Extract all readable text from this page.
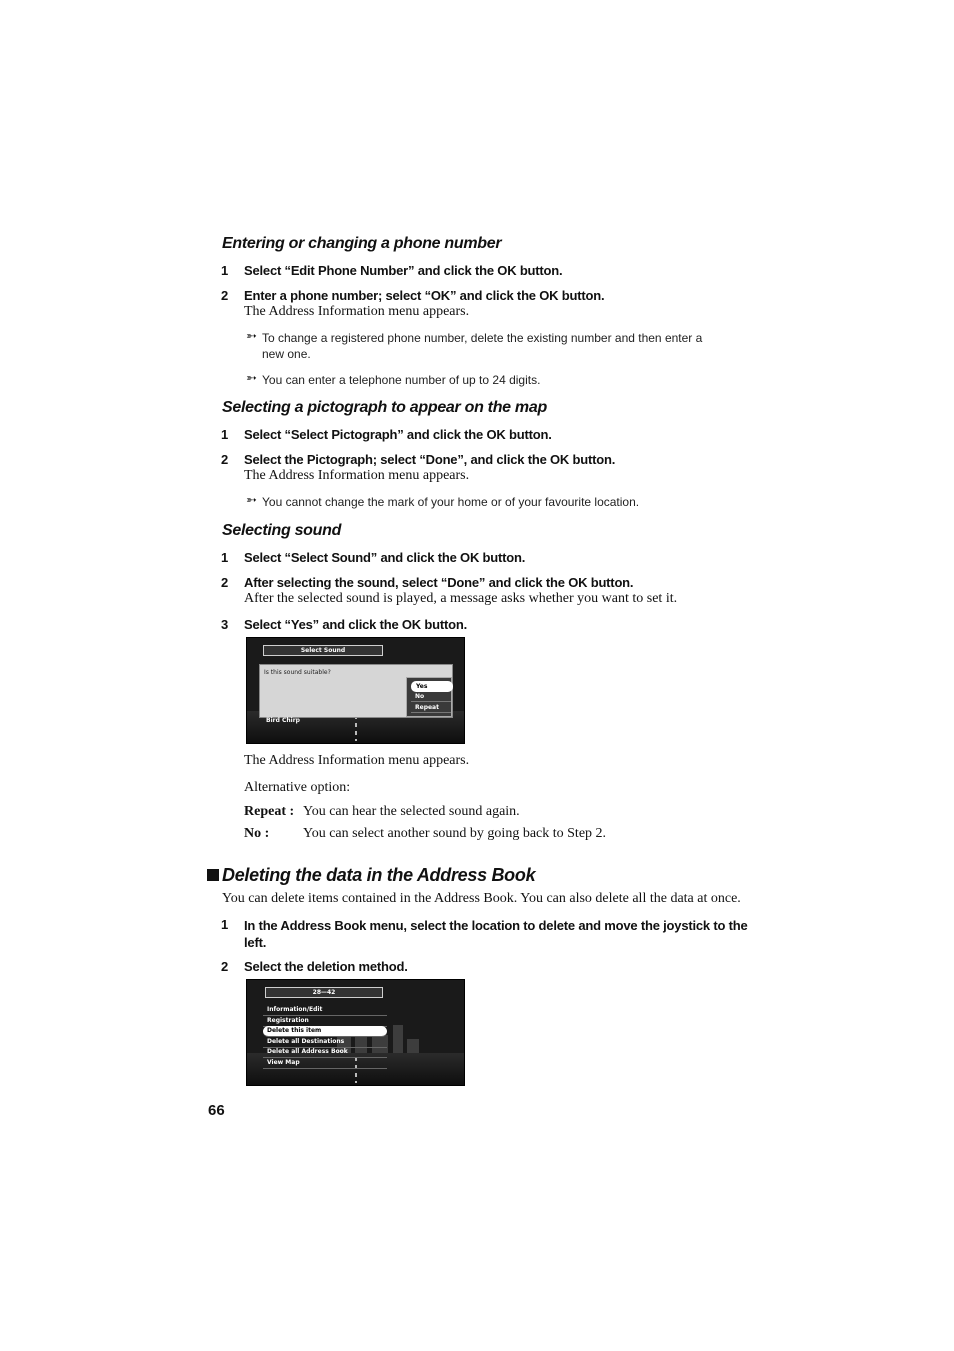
Entering or changing a phone number
1 Select “Edit Phone Number” and click the OK button.
2 Enter a phone number; select “OK” and click the OK button.
The Address Information menu appears.
➳ To change a registered phone number, delete the existing number and then enter a
new one.
➳ You can enter a telephone number of up to 24 digits.
Selecting a pictograph to appear on the map
1 Select “Select Pictograph” and click the OK button.
2 Select the Pictograph; select “Done”, and click the OK button.
The Address Information menu appears.
➳ You cannot change the mark of your home or of your favourite location.
Selecting sound
1 Select “Select Sound” and click the OK button.
2 After selecting the sound, select “Done” and click the OK button.
After the selected sound is played, a message asks whether you want to set it.
3 Select “Yes” and click the OK button.
Select Sound
Is this sound suitable?
Yes
No
Repeat
Bird Chirp
The Address Information menu appears.
Alternative option:
Repeat : You can hear the selected sound again.
No : You can select another sound by going back to Step 2.
Deleting the data in the Address Book
You can delete items contained in the Address Book. You can also delete all the data at once.
1 In the Address Book menu, select the location to delete and move the joystick to the left.
2 Select the deletion method.
28—42
Information/Edit
Registration
Delete this item
Delete all Destinations
Delete all Address Book
View Map
66
